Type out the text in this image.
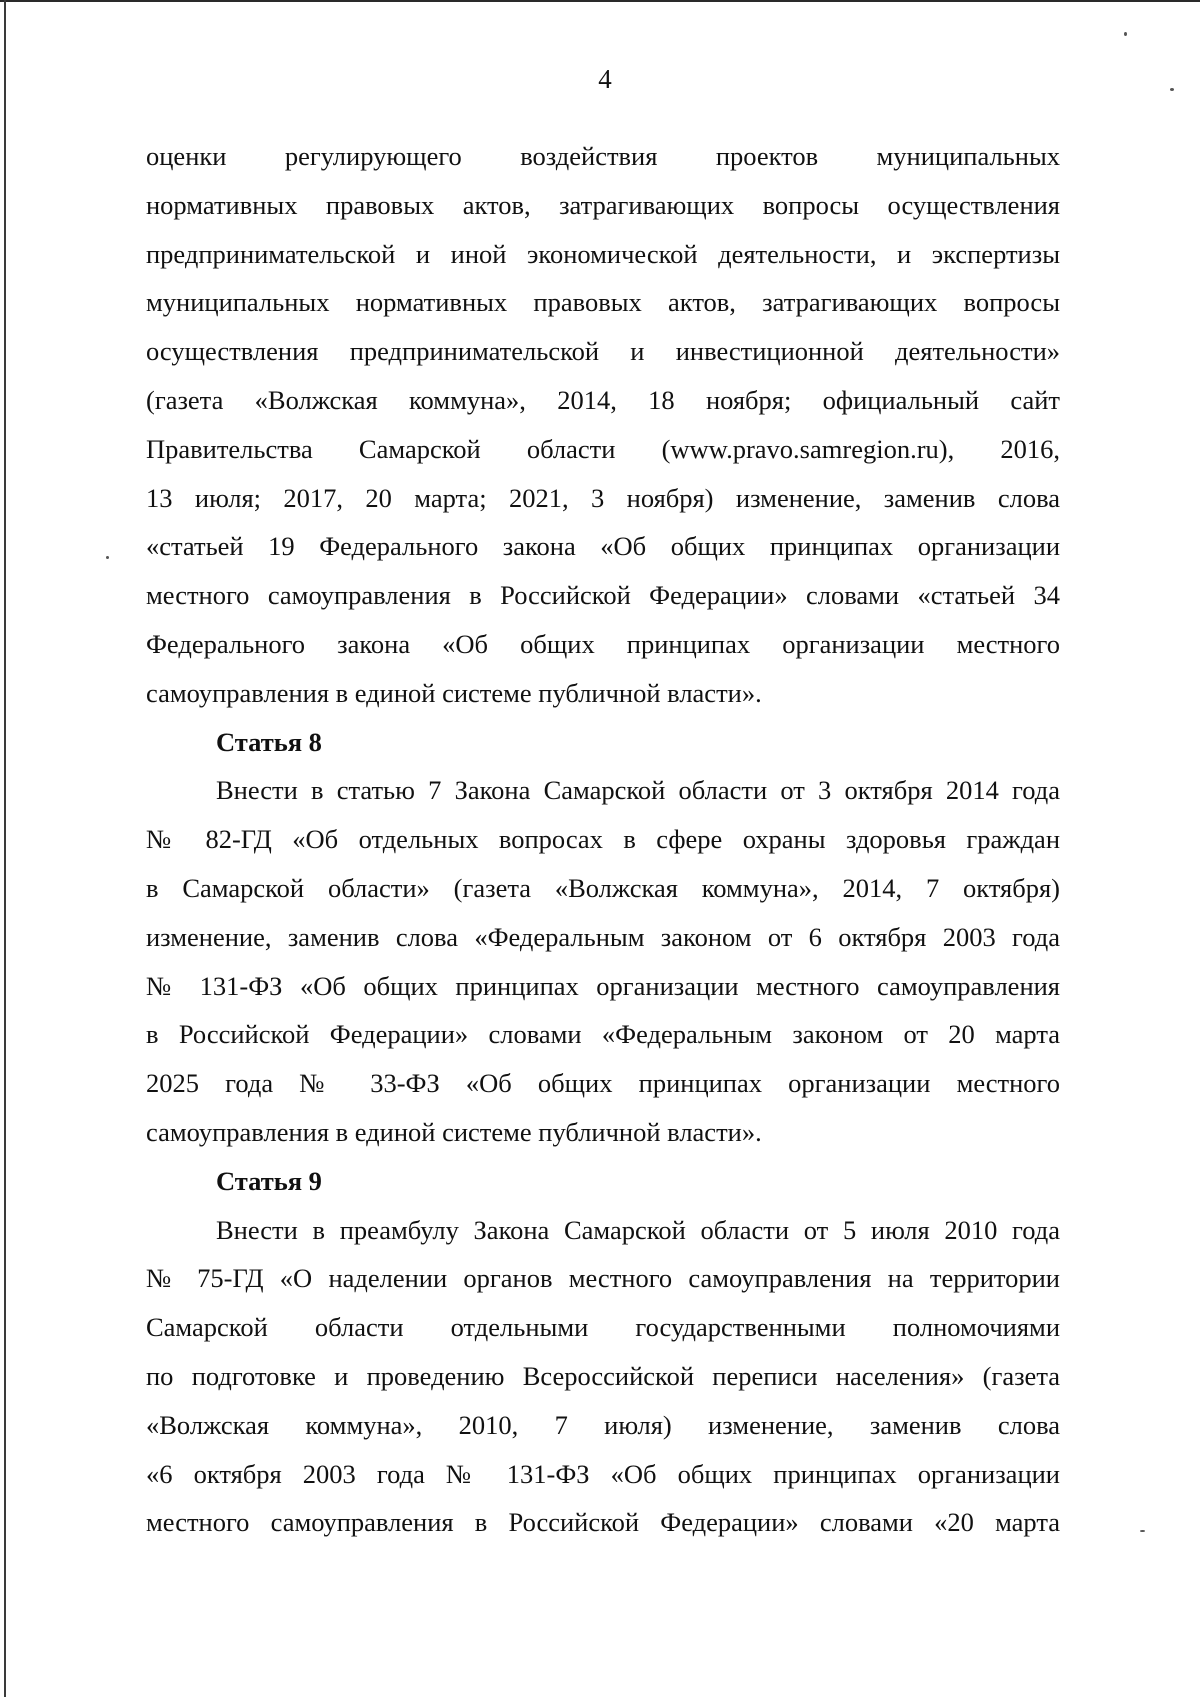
4
оценки регулирующего воздействия проектов муниципальных
нормативных правовых актов, затрагивающих вопросы осуществления
предпринимательской и иной экономической деятельности, и экспертизы
муниципальных нормативных правовых актов, затрагивающих вопросы
осуществления предпринимательской и инвестиционной деятельности»
(газета «Волжская коммуна», 2014, 18 ноября; официальный сайт
Правительства Самарской области (www.pravo.samregion.ru), 2016,
13 июля; 2017, 20 марта; 2021, 3 ноября) изменение, заменив слова
«статьей 19 Федерального закона «Об общих принципах организации
местного самоуправления в Российской Федерации» словами «статьей 34
Федерального закона «Об общих принципах организации местного
самоуправления в единой системе публичной власти».
Статья 8
Внести в статью 7 Закона Самарской области от 3 октября 2014 года
№ 82-ГД «Об отдельных вопросах в сфере охраны здоровья граждан
в Самарской области» (газета «Волжская коммуна», 2014, 7 октября)
изменение, заменив слова «Федеральным законом от 6 октября 2003 года
№ 131-ФЗ «Об общих принципах организации местного самоуправления
в Российской Федерации» словами «Федеральным законом от 20 марта
2025 года № 33-ФЗ «Об общих принципах организации местного
самоуправления в единой системе публичной власти».
Статья 9
Внести в преамбулу Закона Самарской области от 5 июля 2010 года
№ 75-ГД «О наделении органов местного самоуправления на территории
Самарской области отдельными государственными полномочиями
по подготовке и проведению Всероссийской переписи населения» (газета
«Волжская коммуна», 2010, 7 июля) изменение, заменив слова
«6 октября 2003 года № 131-ФЗ «Об общих принципах организации
местного самоуправления в Российской Федерации» словами «20 марта
